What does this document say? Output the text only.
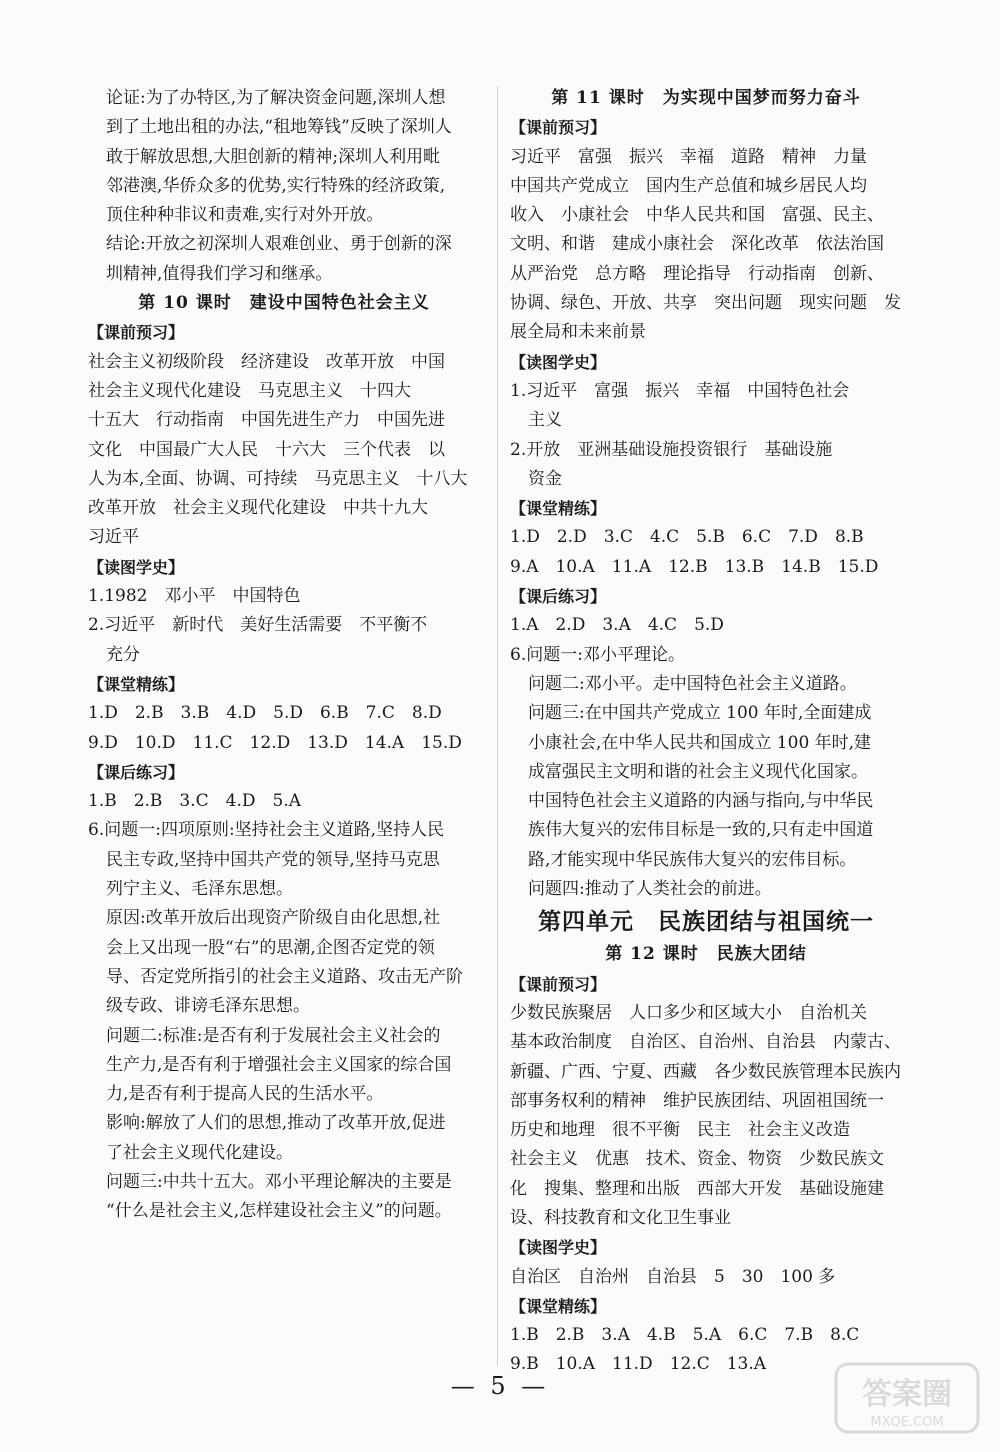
论证:为了办特区,为了解决资金问题,深圳人想
到了土地出租的办法,“租地筹钱”反映了深圳人
敢于解放思想,大胆创新的精神;深圳人利用毗
邻港澳,华侨众多的优势,实行特殊的经济政策,
顶住种种非议和责难,实行对外开放。
结论:开放之初深圳人艰难创业、勇于创新的深
圳精神,值得我们学习和继承。
第 10 课时　建设中国特色社会主义
【课前预习】
社会主义初级阶段　经济建设　改革开放　中国
社会主义现代化建设　马克思主义　十四大
十五大　行动指南　中国先进生产力　中国先进
文化　中国最广大人民　十六大　三个代表　以
人为本,全面、协调、可持续　马克思主义　十八大
改革开放　社会主义现代化建设　中共十九大
习近平
【读图学史】
1.1982　邓小平　中国特色
2.习近平　新时代　美好生活需要　不平衡不
充分
【课堂精练】
1.D　2.B　3.B　4.D　5.D　6.B　7.C　8.D
9.D　10.D　11.C　12.D　13.D　14.A　15.D
【课后练习】
1.B　2.B　3.C　4.D　5.A
6.问题一:四项原则:坚持社会主义道路,坚持人民
民主专政,坚持中国共产党的领导,坚持马克思
列宁主义、毛泽东思想。
原因:改革开放后出现资产阶级自由化思想,社
会上又出现一股“右”的思潮,企图否定党的领
导、否定党所指引的社会主义道路、攻击无产阶
级专政、诽谤毛泽东思想。
问题二:标准:是否有利于发展社会主义社会的
生产力,是否有利于增强社会主义国家的综合国
力,是否有利于提高人民的生活水平。
影响:解放了人们的思想,推动了改革开放,促进
了社会主义现代化建设。
问题三:中共十五大。邓小平理论解决的主要是
“什么是社会主义,怎样建设社会主义”的问题。
第 11 课时　为实现中国梦而努力奋斗
【课前预习】
习近平　富强　振兴　幸福　道路　精神　力量
中国共产党成立　国内生产总值和城乡居民人均
收入　小康社会　中华人民共和国　富强、民主、
文明、和谐　建成小康社会　深化改革　依法治国
从严治党　总方略　理论指导　行动指南　创新、
协调、绿色、开放、共享　突出问题　现实问题　发
展全局和未来前景
【读图学史】
1.习近平　富强　振兴　幸福　中国特色社会
主义
2.开放　亚洲基础设施投资银行　基础设施
资金
【课堂精练】
1.D　2.D　3.C　4.C　5.B　6.C　7.D　8.B
9.A　10.A　11.A　12.B　13.B　14.B　15.D
【课后练习】
1.A　2.D　3.A　4.C　5.D
6.问题一:邓小平理论。
问题二:邓小平。走中国特色社会主义道路。
问题三:在中国共产党成立 100 年时,全面建成
小康社会,在中华人民共和国成立 100 年时,建
成富强民主文明和谐的社会主义现代化国家。
中国特色社会主义道路的内涵与指向,与中华民
族伟大复兴的宏伟目标是一致的,只有走中国道
路,才能实现中华民族伟大复兴的宏伟目标。
问题四:推动了人类社会的前进。
第四单元　民族团结与祖国统一
第 12 课时　民族大团结
【课前预习】
少数民族聚居　人口多少和区域大小　自治机关
基本政治制度　自治区、自治州、自治县　内蒙古、
新疆、广西、宁夏、西藏　各少数民族管理本民族内
部事务权利的精神　维护民族团结、巩固祖国统一
历史和地理　很不平衡　民主　社会主义改造
社会主义　优惠　技术、资金、物资　少数民族文
化　搜集、整理和出版　西部大开发　基础设施建
设、科技教育和文化卫生事业
【读图学史】
自治区　自治州　自治县　5　30　100 多
【课堂精练】
1.B　2.B　3.A　4.B　5.A　6.C　7.B　8.C
9.B　10.A　11.D　12.C　13.A
— 5 —	答案圈
MXQE.COM
